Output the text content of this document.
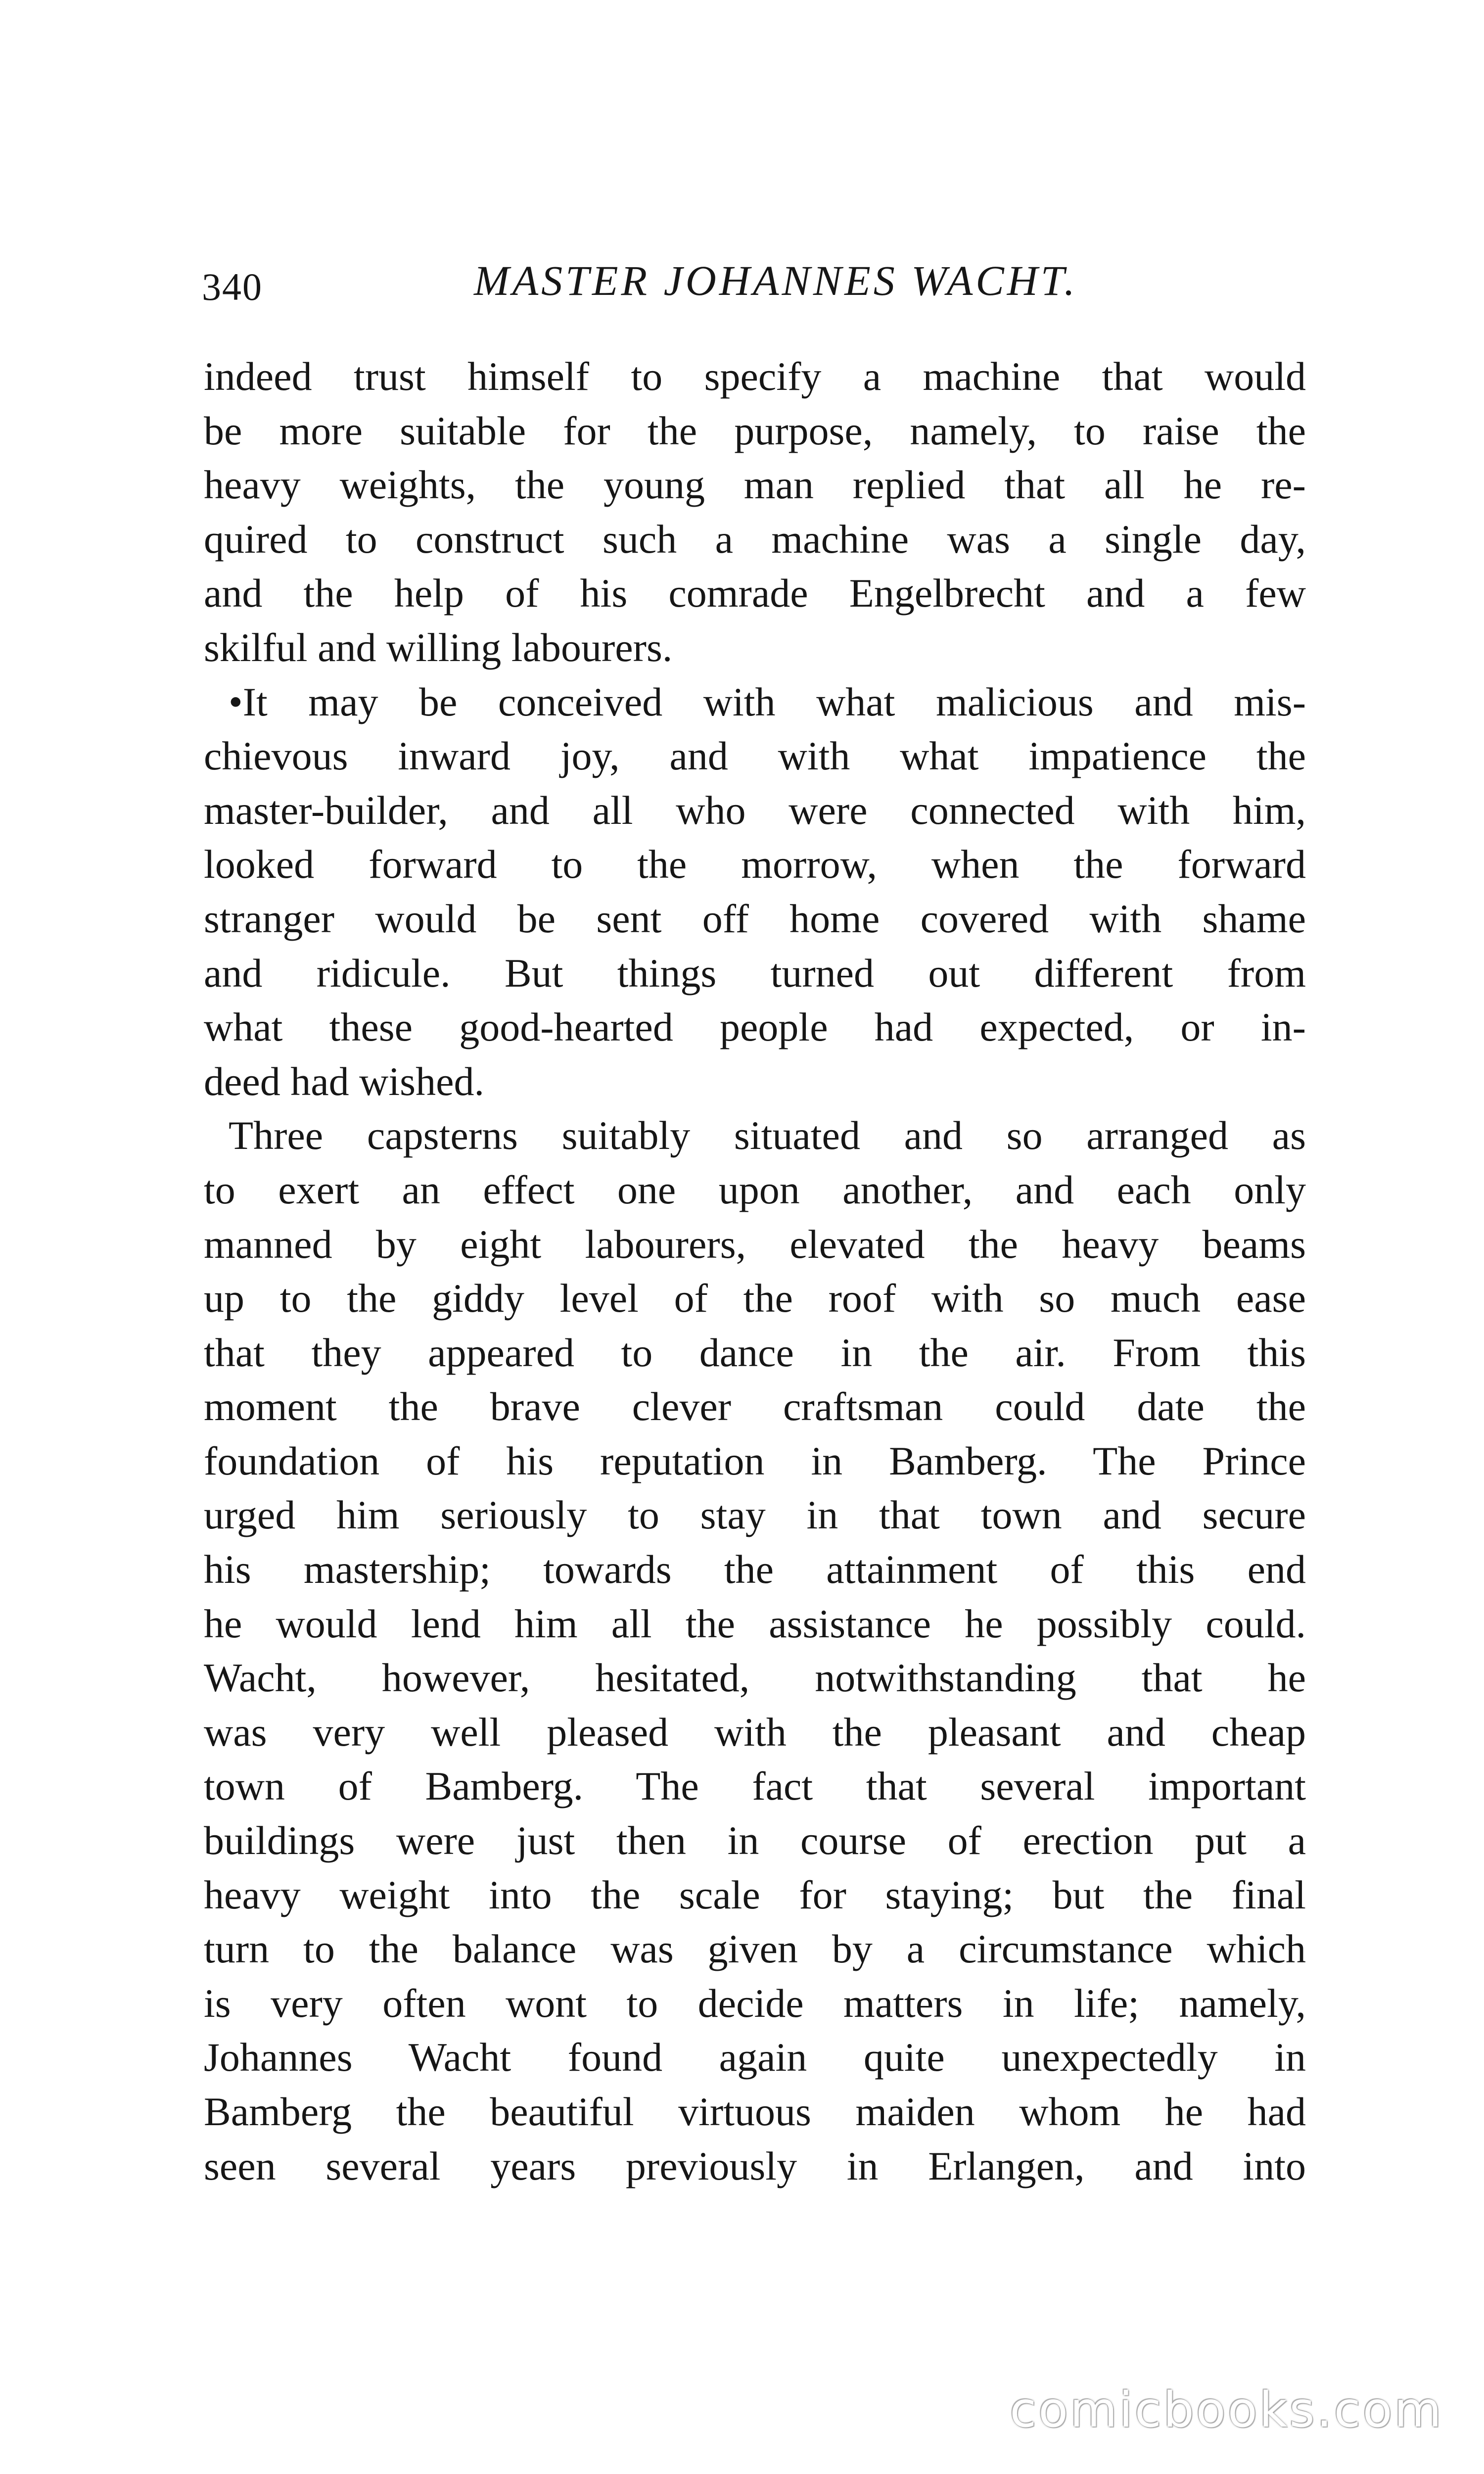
340	MASTER JOHANNES WACHT.
indeed trust himself to specify a machine that would
be more suitable for the purpose, namely, to raise the
heavy weights, the young man replied that all he re-
quired to construct such a machine was a single day,
and the help of his comrade Engelbrecht and a few
skilful and willing labourers.
•It may be conceived with what malicious and mis-
chievous inward joy, and with what impatience the
master-builder, and all who were connected with him,
looked forward to the morrow, when the forward
stranger would be sent off home covered with shame
and ridicule. But things turned out different from
what these good-hearted people had expected, or in-
deed had wished.
Three capsterns suitably situated and so arranged as
to exert an effect one upon another, and each only
manned by eight labourers, elevated the heavy beams
up to the giddy level of the roof with so much ease
that they appeared to dance in the air. From this
moment the brave clever craftsman could date the
foundation of his reputation in Bamberg. The Prince
urged him seriously to stay in that town and secure
his mastership; towards the attainment of this end
he would lend him all the assistance he possibly could.
Wacht, however, hesitated, notwithstanding that he
was very well pleased with the pleasant and cheap
town of Bamberg. The fact that several important
buildings were just then in course of erection put a
heavy weight into the scale for staying; but the final
turn to the balance was given by a circumstance which
is very often wont to decide matters in life; namely,
Johannes Wacht found again quite unexpectedly in
Bamberg the beautiful virtuous maiden whom he had
seen several years previously in Erlangen, and into
comicbooks.com
